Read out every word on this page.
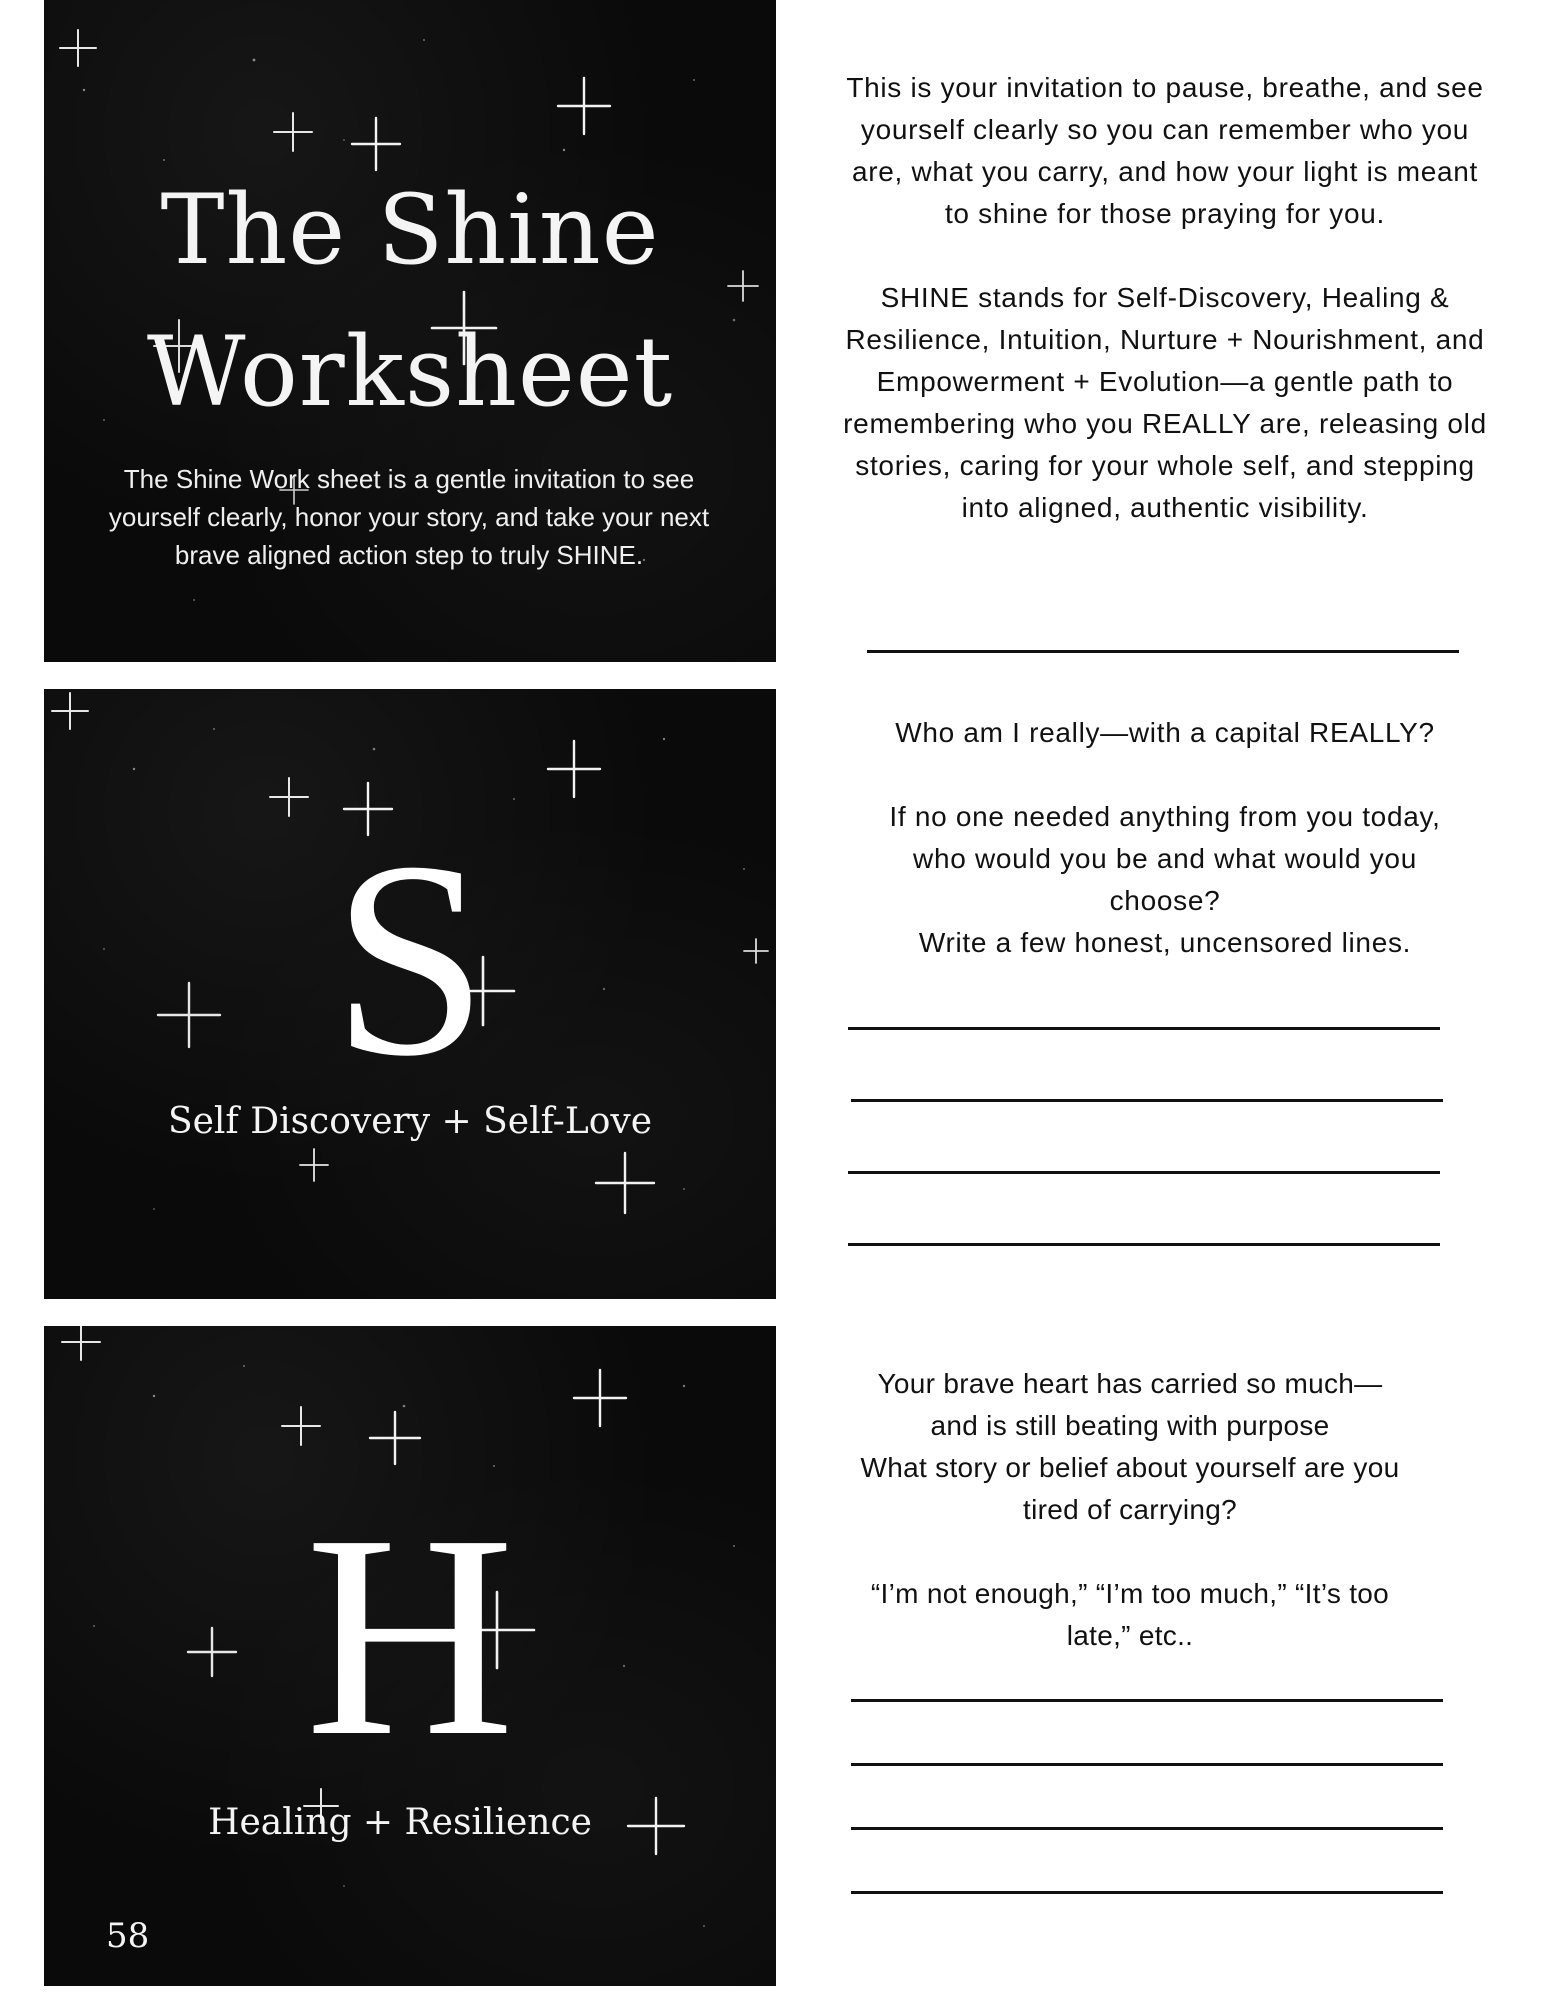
The Shine
Worksheet
The Shine Work sheet is a gentle invitation to see yourself clearly, honor your story, and take your next brave aligned action step to truly SHINE.
S
Self Discovery + Self-Love
H
Healing + Resilience
58

This is your invitation to pause, breathe, and see yourself clearly so you can remember who you are, what you carry, and how your light is meant to shine for those praying for you.

SHINE stands for Self-Discovery, Healing & Resilience, Intuition, Nurture + Nourishment, and Empowerment + Evolution—a gentle path to remembering who you REALLY are, releasing old stories, caring for your whole self, and stepping into aligned, authentic visibility.

Who am I really—with a capital REALLY?

If no one needed anything from you today, who would you be and what would you choose?

Write a few honest, uncensored lines.

Your brave heart has carried so much—

and is still beating with purpose

What story or belief about yourself are you tired of carrying?

“I’m not enough,” “I’m too much,” “It’s too late,” etc..
